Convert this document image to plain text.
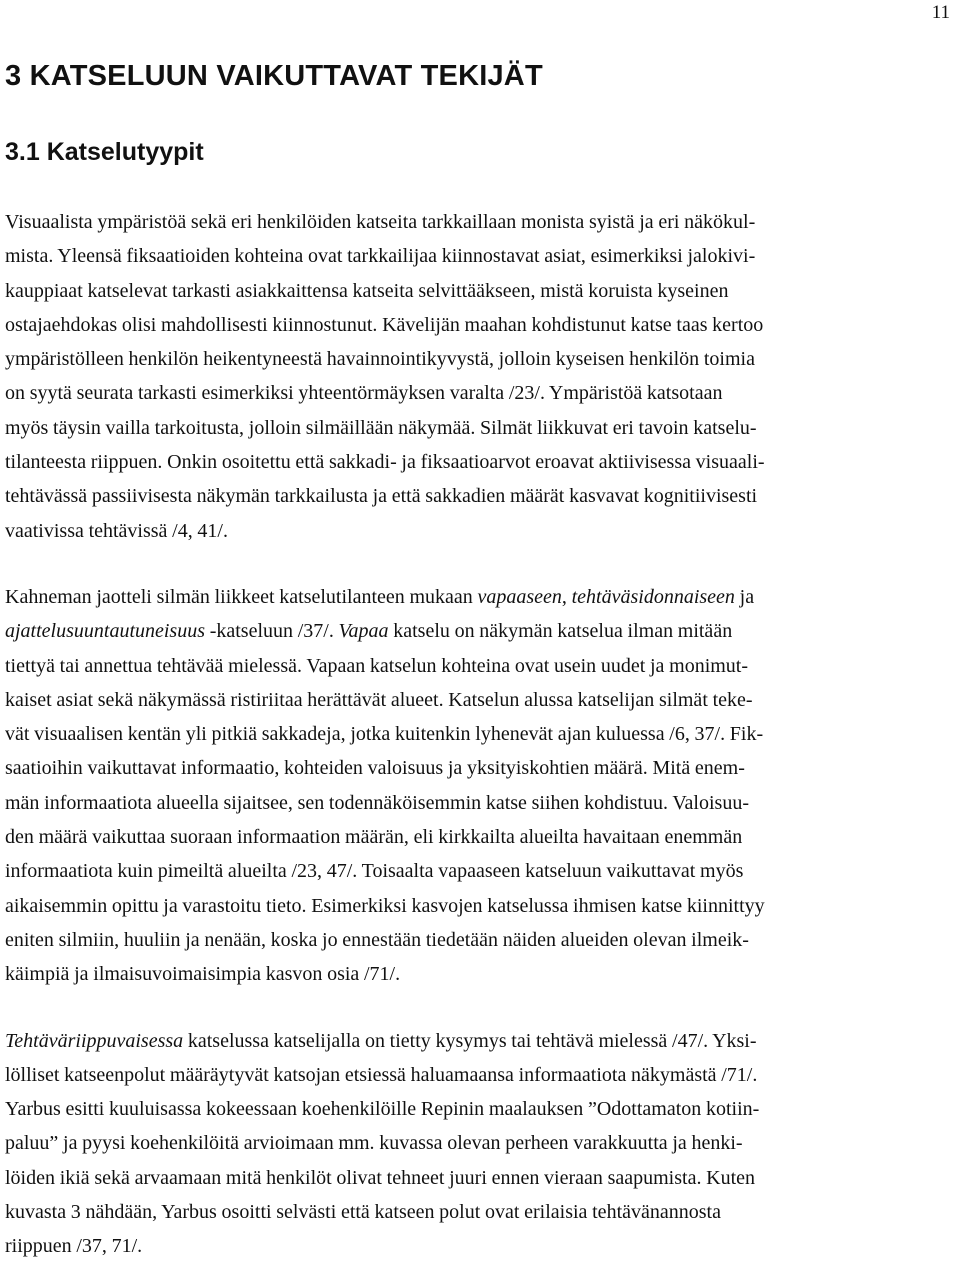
11
3 KATSELUUN VAIKUTTAVAT TEKIJÄT
3.1 Katselutyypit

Visuaalista ympäristöä sekä eri henkilöiden katseita tarkkaillaan monista syistä ja eri näkökul-
mista. Yleensä fiksaatioiden kohteina ovat tarkkailijaa kiinnostavat asiat, esimerkiksi jalokivi-
kauppiaat katselevat tarkasti asiakkaittensa katseita selvittääkseen, mistä koruista kyseinen
ostajaehdokas olisi mahdollisesti kiinnostunut. Kävelijän maahan kohdistunut katse taas kertoo
ympäristölleen henkilön heikentyneestä havainnointikyvystä, jolloin kyseisen henkilön toimia
on syytä seurata tarkasti esimerkiksi yhteentörmäyksen varalta /23/. Ympäristöä katsotaan
myös täysin vailla tarkoitusta, jolloin silmäillään näkymää. Silmät liikkuvat eri tavoin katselu-
tilanteesta riippuen. Onkin osoitettu että sakkadi- ja fiksaatioarvot eroavat aktiivisessa visuaali-
tehtävässä passiivisesta näkymän tarkkailusta ja että sakkadien määrät kasvavat kognitiivisesti
vaativissa tehtävissä /4, 41/.

Kahneman jaotteli silmän liikkeet katselutilanteen mukaan vapaaseen, tehtäväsidonnaiseen ja
ajattelusuuntautuneisuus -katseluun /37/. Vapaa katselu on näkymän katselua ilman mitään
tiettyä tai annettua tehtävää mielessä. Vapaan katselun kohteina ovat usein uudet ja monimut-
kaiset asiat sekä näkymässä ristiriitaa herättävät alueet. Katselun alussa katselijan silmät teke-
vät visuaalisen kentän yli pitkiä sakkadeja, jotka kuitenkin lyhenevät ajan kuluessa /6, 37/. Fik-
saatioihin vaikuttavat informaatio, kohteiden valoisuus ja yksityiskohtien määrä. Mitä enem-
män informaatiota alueella sijaitsee, sen todennäköisemmin katse siihen kohdistuu. Valoisuu-
den määrä vaikuttaa suoraan informaation määrän, eli kirkkailta alueilta havaitaan enemmän
informaatiota kuin pimeiltä alueilta /23, 47/. Toisaalta vapaaseen katseluun vaikuttavat myös
aikaisemmin opittu ja varastoitu tieto. Esimerkiksi kasvojen katselussa ihmisen katse kiinnittyy
eniten silmiin, huuliin ja nenään, koska jo ennestään tiedetään näiden alueiden olevan ilmeik-
käimpiä ja ilmaisuvoimaisimpia kasvon osia /71/.

Tehtäväriippuvaisessa katselussa katselijalla on tietty kysymys tai tehtävä mielessä /47/. Yksi-
lölliset katseenpolut määräytyvät katsojan etsiessä haluamaansa informaatiota näkymästä /71/.
Yarbus esitti kuuluisassa kokeessaan koehenkilöille Repinin maalauksen ”Odottamaton kotiin-
paluu” ja pyysi koehenkilöitä arvioimaan mm. kuvassa olevan perheen varakkuutta ja henki-
löiden ikiä sekä arvaamaan mitä henkilöt olivat tehneet juuri ennen vieraan saapumista. Kuten
kuvasta 3 nähdään, Yarbus osoitti selvästi että katseen polut ovat erilaisia tehtävänannosta
riippuen /37, 71/.
